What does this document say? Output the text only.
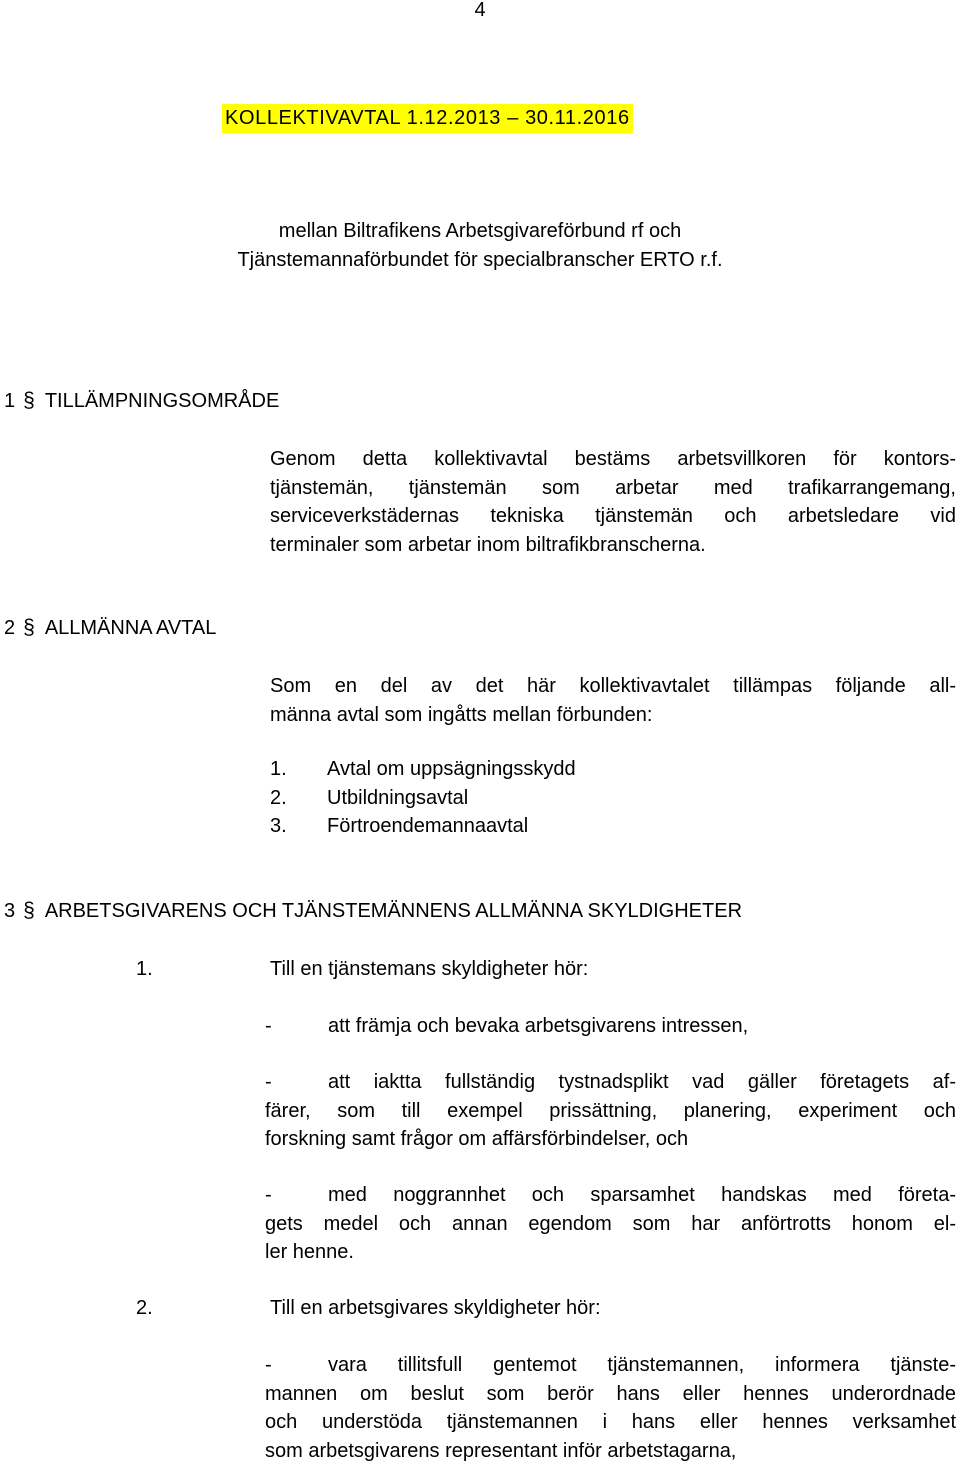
4
KOLLEKTIVAVTAL 1.12.2013 – 30.11.2016
mellan Biltrafikens Arbetsgivareförbund rf och
Tjänstemannaförbundet för specialbranscher ERTO r.f.
1 § TILLÄMPNINGSOMRÅDE
Genom detta kollektivavtal bestäms arbetsvillkoren för kontors-
tjänstemän, tjänstemän som arbetar med trafikarrangemang,
serviceverkstädernas tekniska tjänstemän och arbetsledare vid
terminaler som arbetar inom biltrafikbranscherna.
2 § ALLMÄNNA AVTAL
Som en del av det här kollektivavtalet tillämpas följande all-
männa avtal som ingåtts mellan förbunden:
1.	Avtal om uppsägningsskydd
2.	Utbildningsavtal
3.	Förtroendemannaavtal
3 § ARBETSGIVARENS OCH TJÄNSTEMÄNNENS ALLMÄNNA SKYLDIGHETER
1.	Till en tjänstemans skyldigheter hör:
-	att främja och bevaka arbetsgivarens intressen,
-	att iaktta fullständig tystnadsplikt vad gäller företagets af-
färer, som till exempel prissättning, planering, experiment och
forskning samt frågor om affärsförbindelser, och
-	med noggrannhet och sparsamhet handskas med företa-
gets medel och annan egendom som har anförtrotts honom el-
ler henne.
2.	Till en arbetsgivares skyldigheter hör:
-	vara tillitsfull gentemot tjänstemannen, informera tjänste-
mannen om beslut som berör hans eller hennes underordnade
och understöda tjänstemannen i hans eller hennes verksamhet
som arbetsgivarens representant inför arbetstagarna,
